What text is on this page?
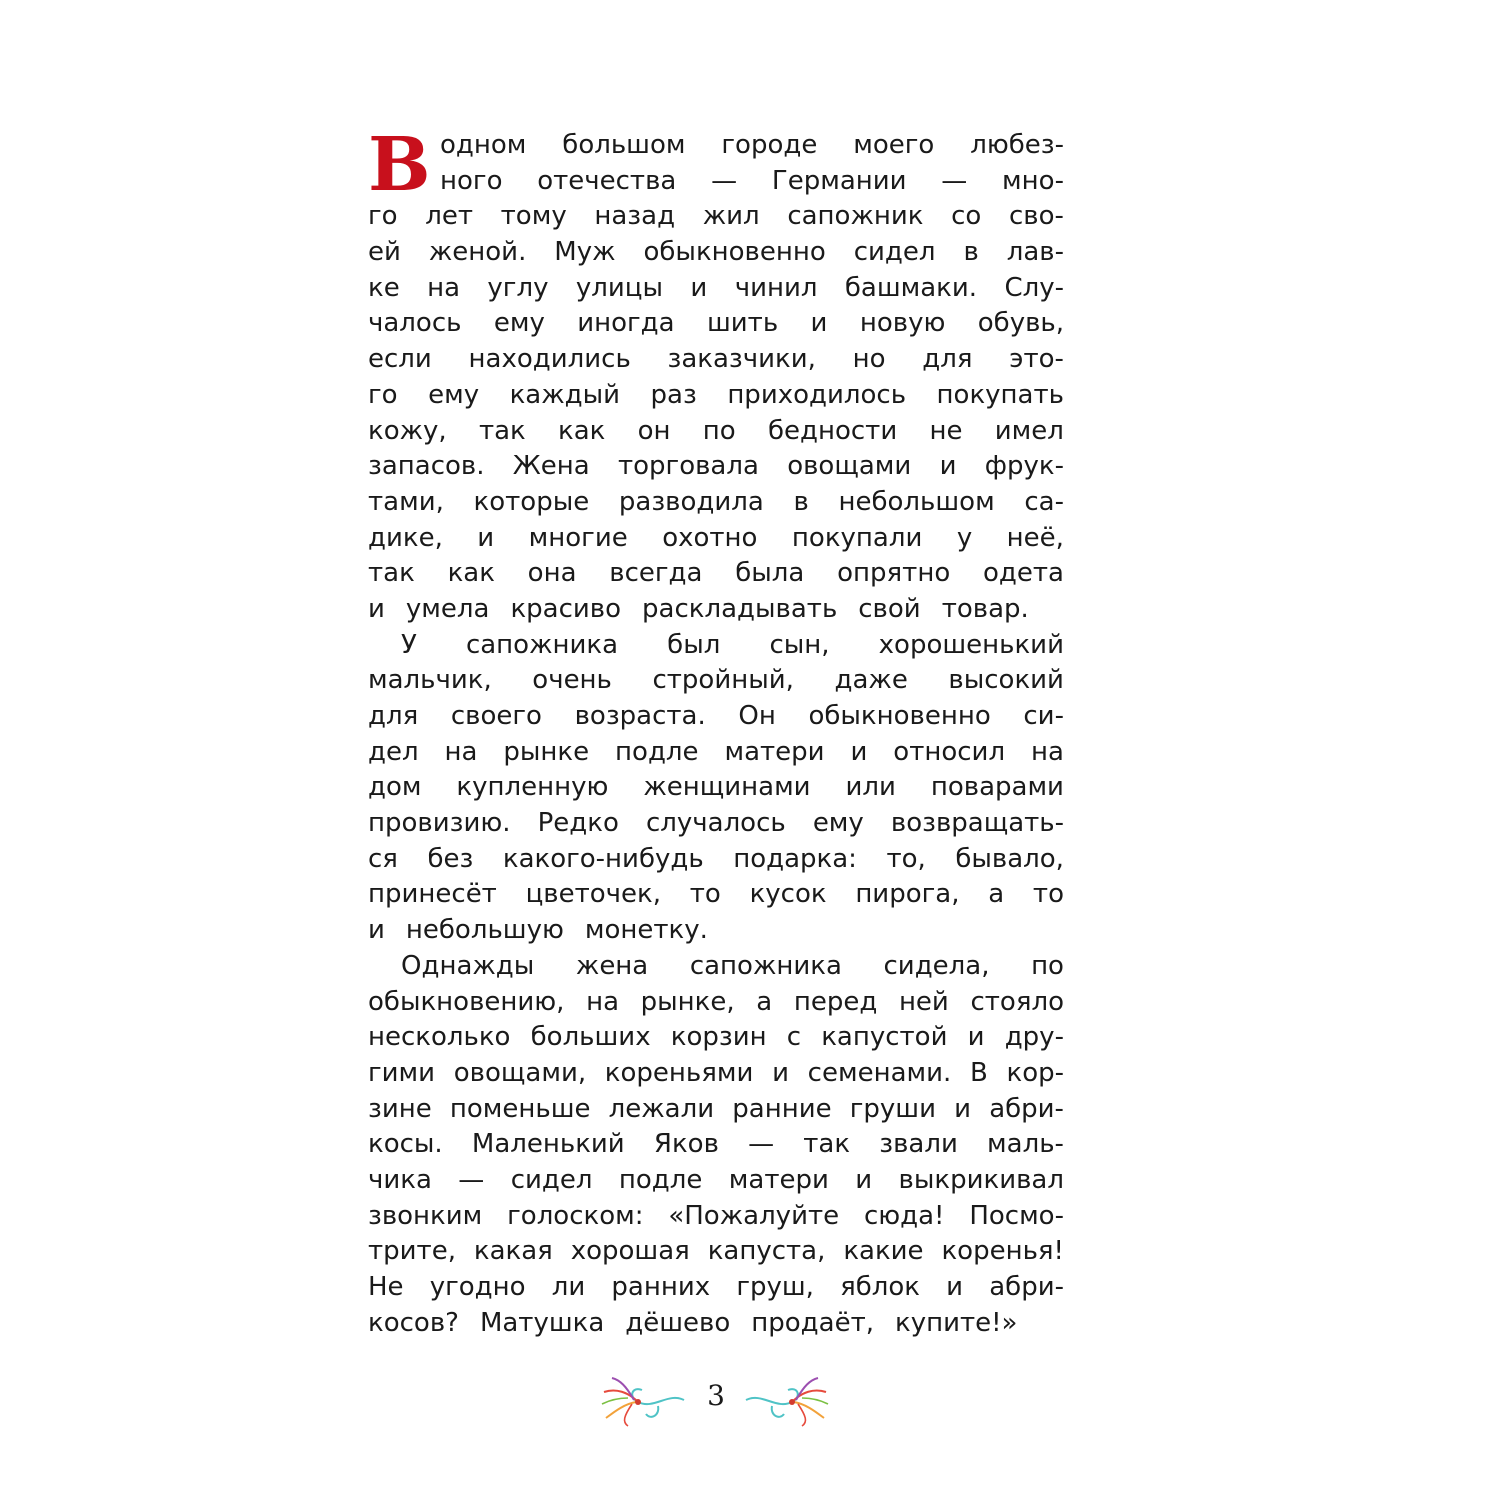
В одном большом городе моего любез-
ного отечества — Германии — мно-
го лет тому назад жил сапожник со сво-
ей женой. Муж обыкновенно сидел в лав-
ке на углу улицы и чинил башмаки. Слу-
чалось ему иногда шить и новую обувь,
если находились заказчики, но для это-
го ему каждый раз приходилось покупать
кожу, так как он по бедности не имел
запасов. Жена торговала овощами и фрук-
тами, которые разводила в небольшом са-
дике, и многие охотно покупали у неё,
так как она всегда была опрятно одета
и умела красиво раскладывать свой товар.
У сапожника был сын, хорошенький
мальчик, очень стройный, даже высокий
для своего возраста. Он обыкновенно си-
дел на рынке подле матери и относил на
дом купленную женщинами или поварами
провизию. Редко случалось ему возвращать-
ся без какого-нибудь подарка: то, бывало,
принесёт цветочек, то кусок пирога, а то
и небольшую монетку.
Однажды жена сапожника сидела, по
обыкновению, на рынке, а перед ней стояло
несколько больших корзин с капустой и дру-
гими овощами, кореньями и семенами. В кор-
зине поменьше лежали ранние груши и абри-
косы. Маленький Яков — так звали маль-
чика — сидел подле матери и выкрикивал
звонким голоском: «Пожалуйте сюда! Посмо-
трите, какая хорошая капуста, какие коренья!
Не угодно ли ранних груш, яблок и абри-
косов? Матушка дёшево продаёт, купите!»
3
